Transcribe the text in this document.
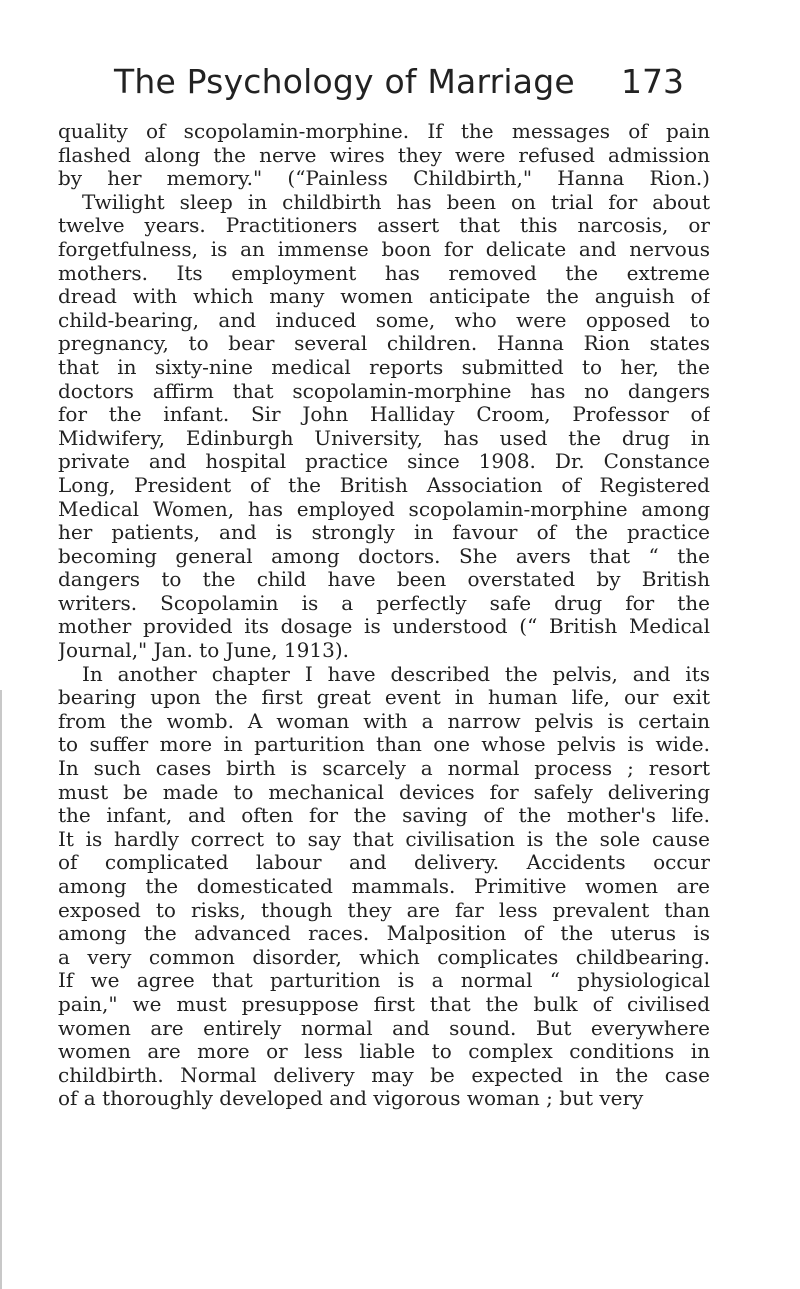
The Psychology of Marriage 173
quality of scopolamin-morphine. If the messages of pain
flashed along the nerve wires they were refused admission
by her memory." (“Painless Childbirth," Hanna Rion.)
Twilight sleep in childbirth has been on trial for about
twelve years. Practitioners assert that this narcosis, or
forgetfulness, is an immense boon for delicate and nervous
mothers. Its employment has removed the extreme
dread with which many women anticipate the anguish of
child-bearing, and induced some, who were opposed to
pregnancy, to bear several children. Hanna Rion states
that in sixty-nine medical reports submitted to her, the
doctors affirm that scopolamin-morphine has no dangers
for the infant. Sir John Halliday Croom, Professor of
Midwifery, Edinburgh University, has used the drug in
private and hospital practice since 1908. Dr. Constance
Long, President of the British Association of Registered
Medical Women, has employed scopolamin-morphine among
her patients, and is strongly in favour of the practice
becoming general among doctors. She avers that “ the
dangers to the child have been overstated by British
writers. Scopolamin is a perfectly safe drug for the
mother provided its dosage is understood (“ British Medical
Journal," Jan. to June, 1913).
In another chapter I have described the pelvis, and its
bearing upon the first great event in human life, our exit
from the womb. A woman with a narrow pelvis is certain
to suffer more in parturition than one whose pelvis is wide.
In such cases birth is scarcely a normal process ; resort
must be made to mechanical devices for safely delivering
the infant, and often for the saving of the mother's life.
It is hardly correct to say that civilisation is the sole cause
of complicated labour and delivery. Accidents occur
among the domesticated mammals. Primitive women are
exposed to risks, though they are far less prevalent than
among the advanced races. Malposition of the uterus is
a very common disorder, which complicates childbearing.
If we agree that parturition is a normal “ physiological
pain," we must presuppose first that the bulk of civilised
women are entirely normal and sound. But everywhere
women are more or less liable to complex conditions in
childbirth. Normal delivery may be expected in the case
of a thoroughly developed and vigorous woman ; but very
